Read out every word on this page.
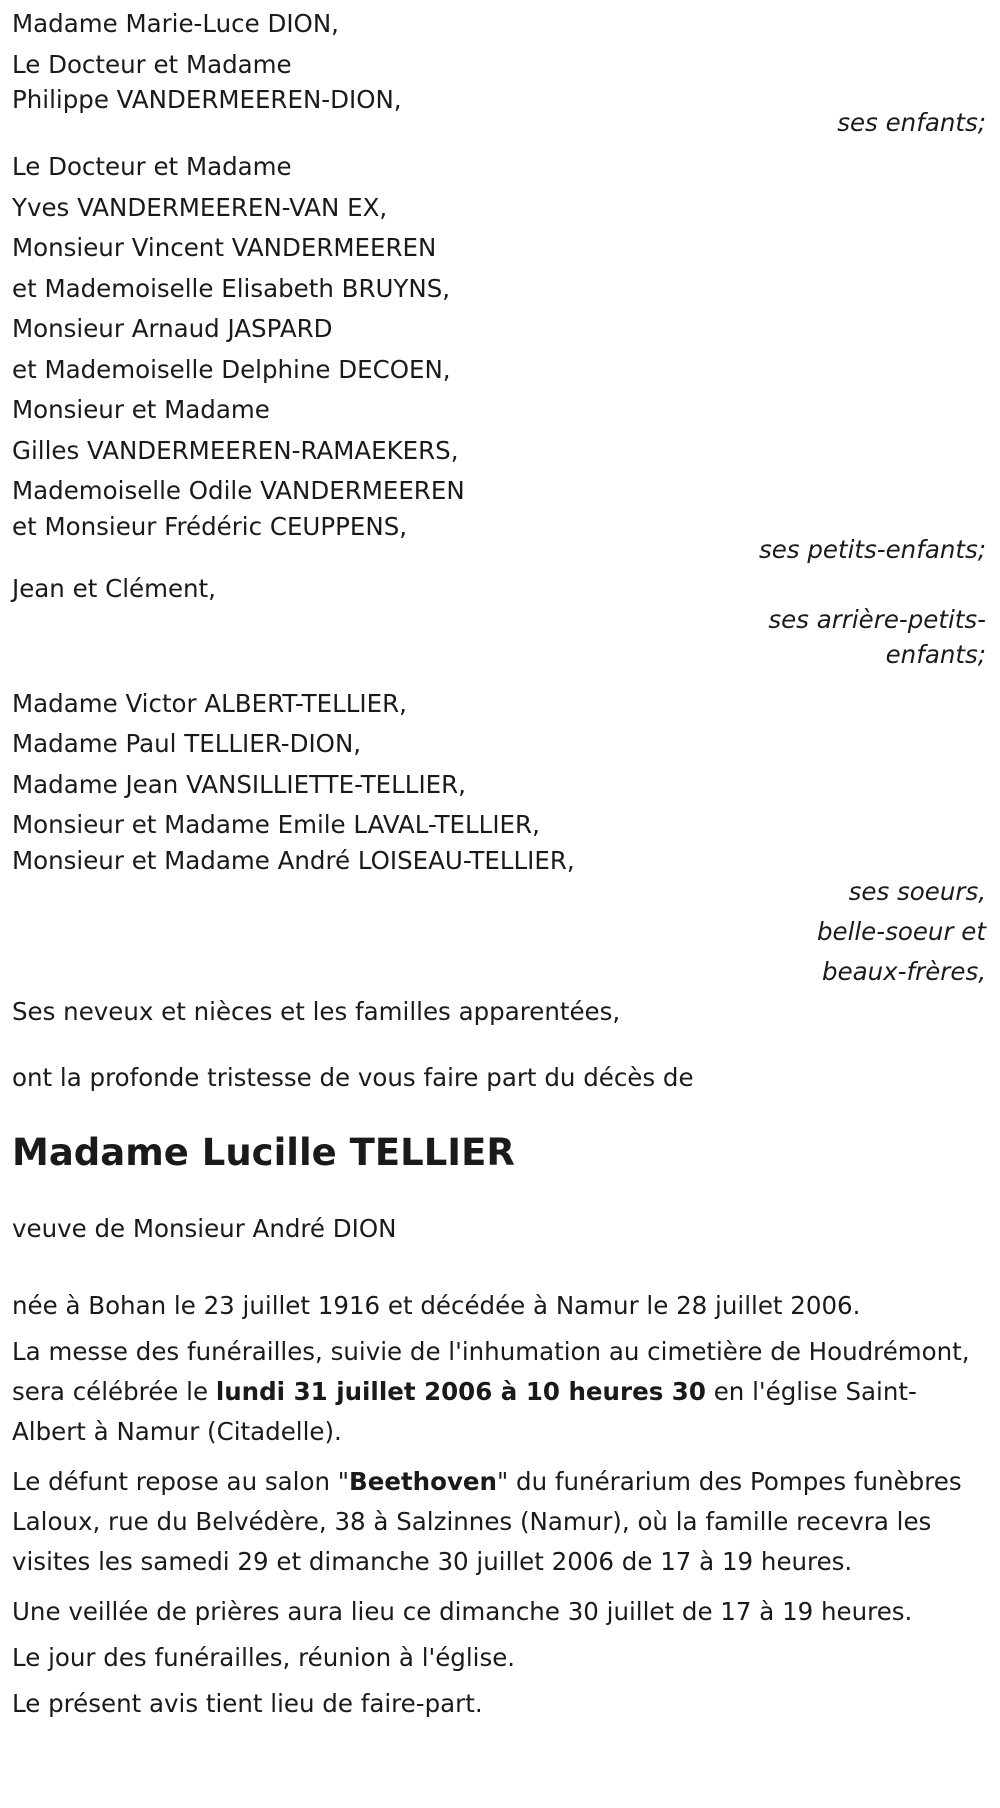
Madame Marie-Luce DION,
Le Docteur et Madame
Philippe VANDERMEEREN-DION,
ses enfants;
Le Docteur et Madame
Yves VANDERMEEREN-VAN EX,
Monsieur Vincent VANDERMEEREN
et Mademoiselle Elisabeth BRUYNS,
Monsieur Arnaud JASPARD
et Mademoiselle Delphine DECOEN,
Monsieur et Madame
Gilles VANDERMEEREN-RAMAEKERS,
Mademoiselle Odile VANDERMEEREN
et Monsieur Frédéric CEUPPENS,
ses petits-enfants;
Jean et Clément,
ses arrière-petits-
enfants;
Madame Victor ALBERT-TELLIER,
Madame Paul TELLIER-DION,
Madame Jean VANSILLIETTE-TELLIER,
Monsieur et Madame Emile LAVAL-TELLIER,
Monsieur et Madame André LOISEAU-TELLIER,
ses soeurs,
belle-soeur et
beaux-frères,
Ses neveux et nièces et les familles apparentées,
ont la profonde tristesse de vous faire part du décès de
Madame Lucille TELLIER
veuve de Monsieur André DION
née à Bohan le 23 juillet 1916 et décédée à Namur le 28 juillet 2006.

La messe des funérailles, suivie de l'inhumation au cimetière de Houdrémont, sera célébrée le lundi 31 juillet 2006 à 10 heures 30 en l'église Saint-Albert à Namur (Citadelle).

Le défunt repose au salon "Beethoven" du funérarium des Pompes funèbres Laloux, rue du Belvédère, 38 à Salzinnes (Namur), où la famille recevra les visites les samedi 29 et dimanche 30 juillet 2006 de 17 à 19 heures.

Une veillée de prières aura lieu ce dimanche 30 juillet de 17 à 19 heures.
Le jour des funérailles, réunion à l'église.
Le présent avis tient lieu de faire-part.
